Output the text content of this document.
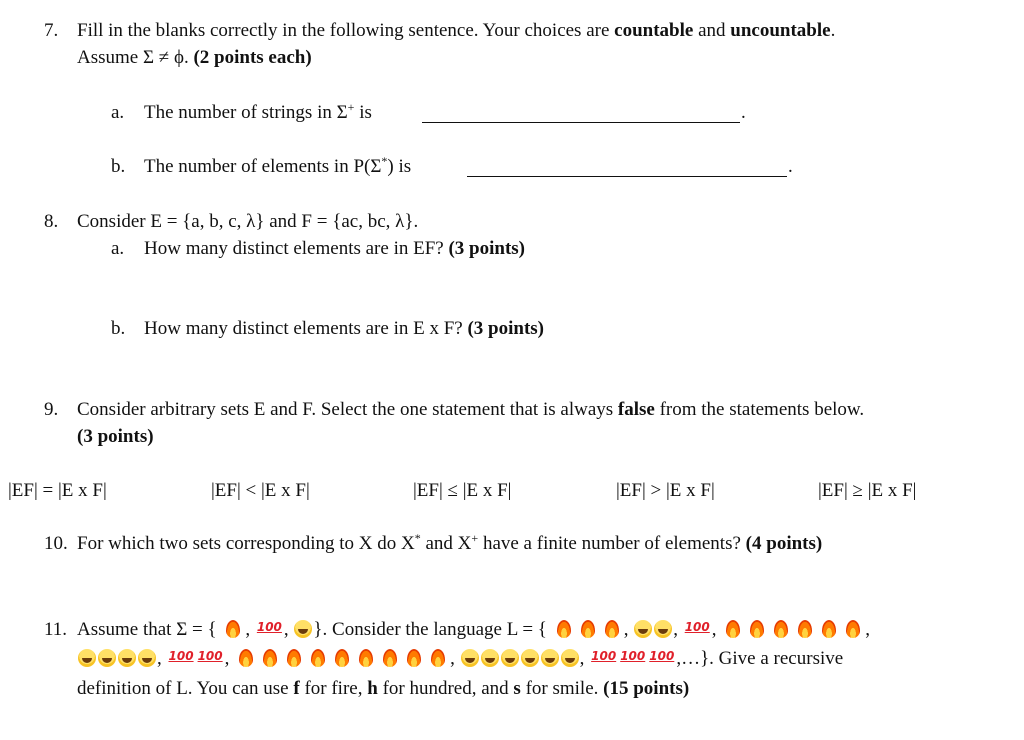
7. Fill in the blanks correctly in the following sentence. Your choices are countable and uncountable.
Assume Σ ≠ ϕ. (2 points each)
a. The number of strings in Σ+ is	.
b. The number of elements in P(Σ*) is	.
8. Consider E = {a, b, c, λ} and F = {ac, bc, λ}.
a. How many distinct elements are in EF? (3 points)
b. How many distinct elements are in E x F? (3 points)
9. Consider arbitrary sets E and F. Select the one statement that is always false from the statements below.
(3 points)
|EF| = |E x F|	|EF| < |E x F|	|EF| ≤ |E x F|	|EF| > |E x F|	|EF| ≥ |E x F|
10. For which two sets corresponding to X do X* and X+ have a finite number of elements? (4 points)
11. Assume that Σ = { , 100 , }. Consider the language L = {	, , 100 ,	,
, 100 100 ,	,	, 100 100 100 ,…}. Give a recursive
definition of L. You can use f for fire, h for hundred, and s for smile. (15 points)
